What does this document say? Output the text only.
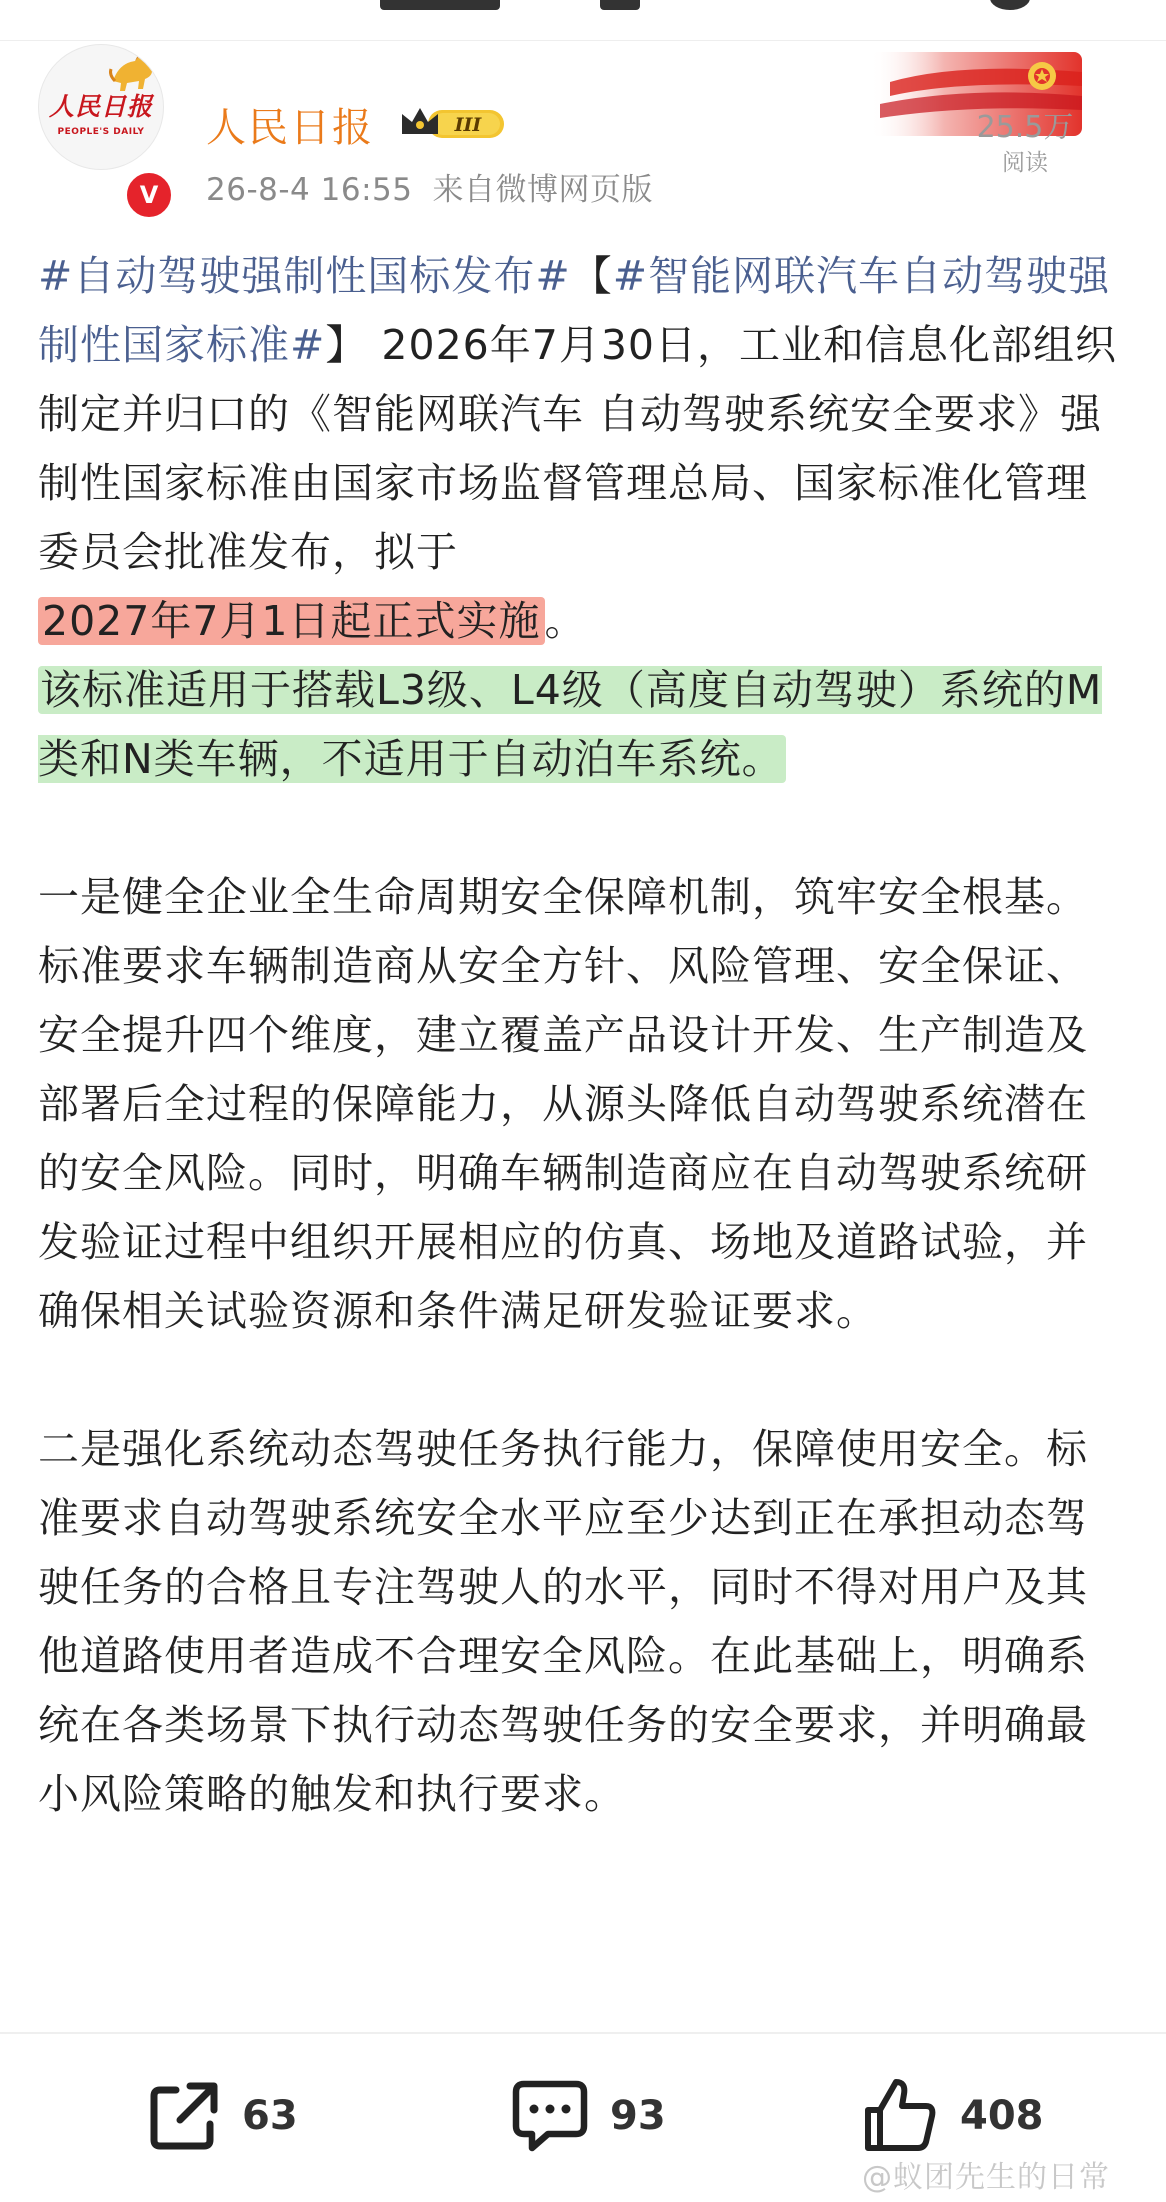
人民日报
PEOPLE'S DAILY
V
人民日报	III
26-8-4 16:55 来自微博网页版
25.5万
阅读

#自动驾驶强制性国标发布#【#智能网联汽车自动驾驶强制性国家标准#】 2026年7月30日，工业和信息化部组织制定并归口的《智能网联汽车 自动驾驶系统安全要求》强制性国家标准由国家市场监督管理总局、国家标准化管理委员会批准发布，拟于
2027年7月1日起正式实施。
该标准适用于搭载L3级、L4级（高度自动驾驶）系统的M类和N类车辆，不适用于自动泊车系统。

一是健全企业全生命周期安全保障机制，筑牢安全根基。标准要求车辆制造商从安全方针、风险管理、安全保证、安全提升四个维度，建立覆盖产品设计开发、生产制造及部署后全过程的保障能力，从源头降低自动驾驶系统潜在的安全风险。同时，明确车辆制造商应在自动驾驶系统研发验证过程中组织开展相应的仿真、场地及道路试验，并确保相关试验资源和条件满足研发验证要求。

二是强化系统动态驾驶任务执行能力，保障使用安全。标准要求自动驾驶系统安全水平应至少达到正在承担动态驾驶任务的合格且专注驾驶人的水平，同时不得对用户及其他道路使用者造成不合理安全风险。在此基础上，明确系统在各类场景下执行动态驾驶任务的安全要求，并明确最小风险策略的触发和执行要求。

63	93	408
@蚁团先生的日常
